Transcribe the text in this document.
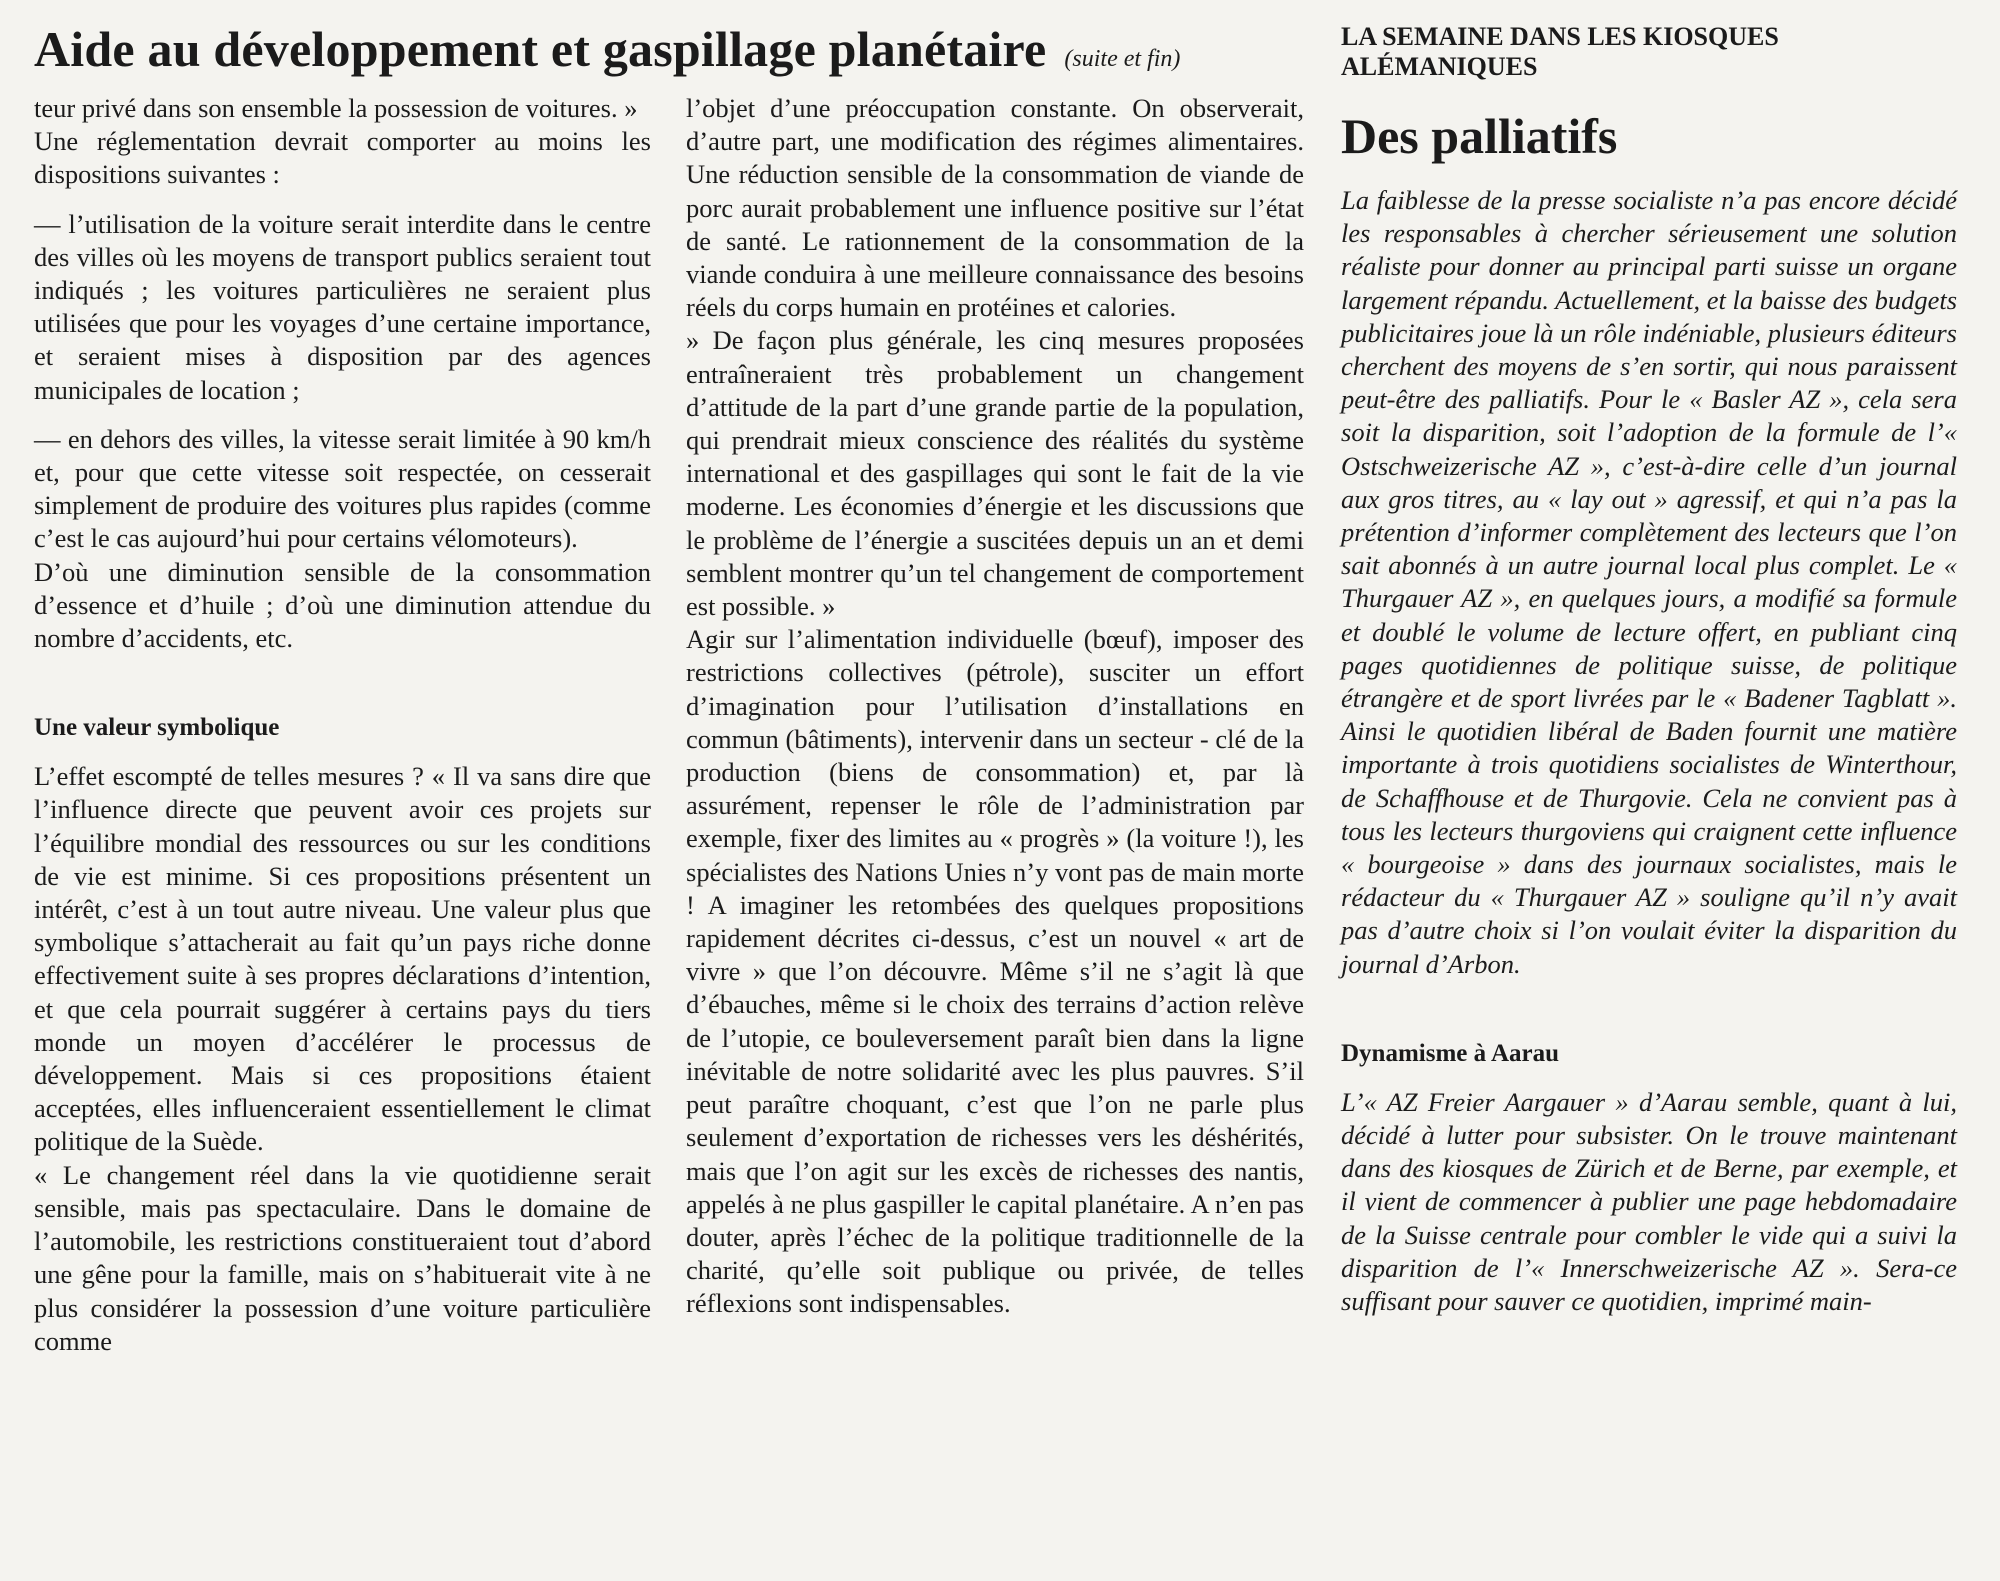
Aide au développement et gaspillage planétaire (suite et fin)

teur privé dans son ensemble la possession de voitures. »

Une réglementation devrait comporter au moins les dispositions suivantes :

— l’utilisation de la voiture serait interdite dans le centre des villes où les moyens de transport publics seraient tout indiqués ; les voitures particulières ne seraient plus utilisées que pour les voyages d’une certaine importance, et seraient mises à disposition par des agences municipales de location ;

— en dehors des villes, la vitesse serait limitée à 90 km/h et, pour que cette vitesse soit respectée, on cesserait simplement de produire des voitures plus rapides (comme c’est le cas aujourd’hui pour certains vélomoteurs).

D’où une diminution sensible de la consommation d’essence et d’huile ; d’où une diminution attendue du nombre d’accidents, etc.

Une valeur symbolique

L’effet escompté de telles mesures ? « Il va sans dire que l’influence directe que peuvent avoir ces projets sur l’équilibre mondial des ressources ou sur les conditions de vie est minime. Si ces propositions présentent un intérêt, c’est à un tout autre niveau. Une valeur plus que symbolique s’attacherait au fait qu’un pays riche donne effectivement suite à ses propres déclarations d’intention, et que cela pourrait suggérer à certains pays du tiers monde un moyen d’accélérer le processus de développement. Mais si ces propositions étaient acceptées, elles influenceraient essentiellement le climat politique de la Suède.

« Le changement réel dans la vie quotidienne serait sensible, mais pas spectaculaire. Dans le domaine de l’automobile, les restrictions constitueraient tout d’abord une gêne pour la famille, mais on s’habituerait vite à ne plus considérer la possession d’une voiture particulière comme

l’objet d’une préoccupation constante. On observerait, d’autre part, une modification des régimes alimentaires. Une réduction sensible de la consommation de viande de porc aurait probablement une influence positive sur l’état de santé. Le rationnement de la consommation de la viande conduira à une meilleure connaissance des besoins réels du corps humain en protéines et calories.

» De façon plus générale, les cinq mesures proposées entraîneraient très probablement un changement d’attitude de la part d’une grande partie de la population, qui prendrait mieux conscience des réalités du système international et des gaspillages qui sont le fait de la vie moderne. Les économies d’énergie et les discussions que le problème de l’énergie a suscitées depuis un an et demi semblent montrer qu’un tel changement de comportement est possible. »

Agir sur l’alimentation individuelle (bœuf), imposer des restrictions collectives (pétrole), susciter un effort d’imagination pour l’utilisation d’installations en commun (bâtiments), intervenir dans un secteur - clé de la production (biens de consommation) et, par là assurément, repenser le rôle de l’administration par exemple, fixer des limites au « progrès » (la voiture !), les spécialistes des Nations Unies n’y vont pas de main morte ! A imaginer les retombées des quelques propositions rapidement décrites ci-dessus, c’est un nouvel « art de vivre » que l’on découvre. Même s’il ne s’agit là que d’ébauches, même si le choix des terrains d’action relève de l’utopie, ce bouleversement paraît bien dans la ligne inévitable de notre solidarité avec les plus pauvres. S’il peut paraître choquant, c’est que l’on ne parle plus seulement d’exportation de richesses vers les déshérités, mais que l’on agit sur les excès de richesses des nantis, appelés à ne plus gaspiller le capital planétaire. A n’en pas douter, après l’échec de la politique traditionnelle de la charité, qu’elle soit publique ou privée, de telles réflexions sont indispensables.

LA SEMAINE DANS LES KIOSQUES
ALÉMANIQUES

Des palliatifs

La faiblesse de la presse socialiste n’a pas encore décidé les responsables à chercher sérieusement une solution réaliste pour donner au principal parti suisse un organe largement répandu. Actuellement, et la baisse des budgets publicitaires joue là un rôle indéniable, plusieurs éditeurs cherchent des moyens de s’en sortir, qui nous paraissent peut-être des palliatifs. Pour le « Basler AZ », cela sera soit la disparition, soit l’adoption de la formule de l’« Ostschweizerische AZ », c’est-à-dire celle d’un journal aux gros titres, au « lay out » agressif, et qui n’a pas la prétention d’informer complètement des lecteurs que l’on sait abonnés à un autre journal local plus complet. Le « Thurgauer AZ », en quelques jours, a modifié sa formule et doublé le volume de lecture offert, en publiant cinq pages quotidiennes de politique suisse, de politique étrangère et de sport livrées par le « Badener Tagblatt ». Ainsi le quotidien libéral de Baden fournit une matière importante à trois quotidiens socialistes de Winterthour, de Schaffhouse et de Thurgovie. Cela ne convient pas à tous les lecteurs thurgoviens qui craignent cette influence « bourgeoise » dans des journaux socialistes, mais le rédacteur du « Thurgauer AZ » souligne qu’il n’y avait pas d’autre choix si l’on voulait éviter la disparition du journal d’Arbon.

Dynamisme à Aarau

L’« AZ Freier Aargauer » d’Aarau semble, quant à lui, décidé à lutter pour subsister. On le trouve maintenant dans des kiosques de Zürich et de Berne, par exemple, et il vient de commencer à publier une page hebdomadaire de la Suisse centrale pour combler le vide qui a suivi la disparition de l’« Innerschweizerische AZ ». Sera-ce suffisant pour sauver ce quotidien, imprimé main-
